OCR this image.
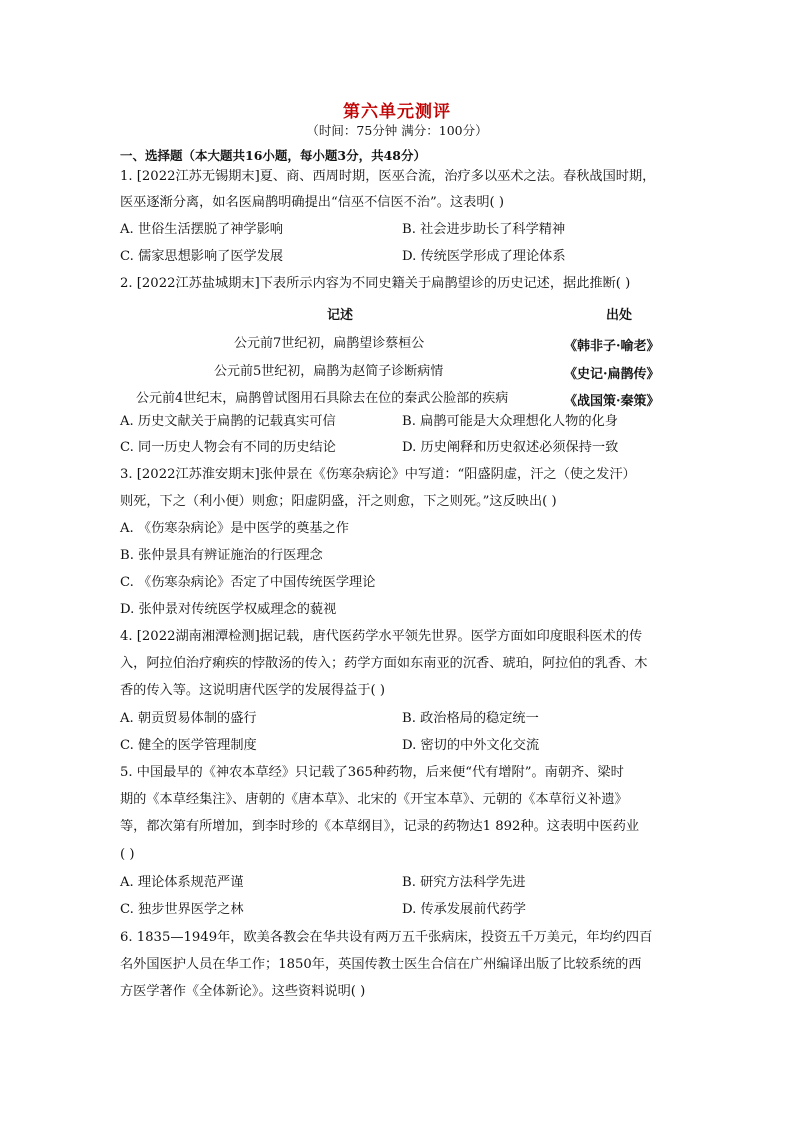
第六单元测评
（时间：75分钟 满分：100分）
一、选择题（本大题共16小题，每小题3分，共48分）
1. [2022江苏无锡期末]夏、商、西周时期，医巫合流，治疗多以巫术之法。春秋战国时期，
医巫逐渐分离，如名医扁鹊明确提出“信巫不信医不治”。这表明( )
A. 世俗生活摆脱了神学影响	B. 社会进步助长了科学精神
C. 儒家思想影响了医学发展	D. 传统医学形成了理论体系
2. [2022江苏盐城期末]下表所示内容为不同史籍关于扁鹊望诊的历史记述，据此推断( )
记述	出处
公元前7世纪初，扁鹊望诊蔡桓公	《韩非子·喻老》
公元前5世纪初，扁鹊为赵简子诊断病情	《史记·扁鹊传》
公元前4世纪末，扁鹊曾试图用石具除去在位的秦武公脸部的疾病	《战国策·秦策》
A. 历史文献关于扁鹊的记载真实可信	B. 扁鹊可能是大众理想化人物的化身
C. 同一历史人物会有不同的历史结论	D. 历史阐释和历史叙述必须保持一致
3. [2022江苏淮安期末]张仲景在《伤寒杂病论》中写道：“阳盛阴虚，汗之（使之发汗）
则死，下之（利小便）则愈；阳虚阴盛，汗之则愈，下之则死。”这反映出( )
A. 《伤寒杂病论》是中医学的奠基之作
B. 张仲景具有辨证施治的行医理念
C. 《伤寒杂病论》否定了中国传统医学理论
D. 张仲景对传统医学权威理念的藐视
4. [2022湖南湘潭检测]据记载，唐代医药学水平领先世界。医学方面如印度眼科医术的传
入，阿拉伯治疗痢疾的悖散汤的传入；药学方面如东南亚的沉香、琥珀，阿拉伯的乳香、木
香的传入等。这说明唐代医学的发展得益于( )
A. 朝贡贸易体制的盛行	B. 政治格局的稳定统一
C. 健全的医学管理制度	D. 密切的中外文化交流
5. 中国最早的《神农本草经》只记载了365种药物，后来便“代有增附”。南朝齐、梁时
期的《本草经集注》、唐朝的《唐本草》、北宋的《开宝本草》、元朝的《本草衍义补遗》
等，都次第有所增加，到李时珍的《本草纲目》，记录的药物达1 892种。这表明中医药业
( )
A. 理论体系规范严谨	B. 研究方法科学先进
C. 独步世界医学之林	D. 传承发展前代药学
6. 1835—1949年，欧美各教会在华共设有两万五千张病床，投资五千万美元，年均约四百
名外国医护人员在华工作；1850年，英国传教士医生合信在广州编译出版了比较系统的西
方医学著作《全体新论》。这些资料说明( )
